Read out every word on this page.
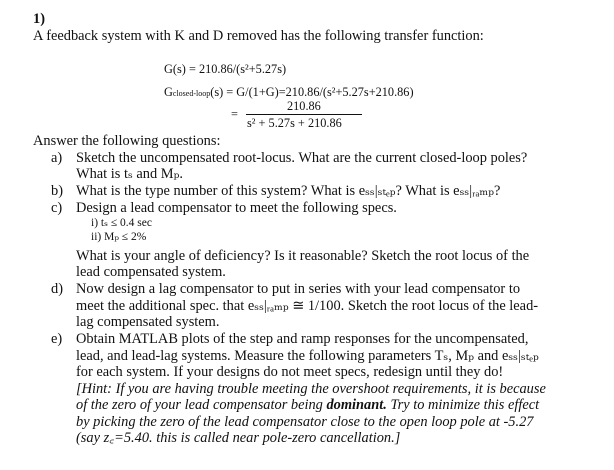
1)
A feedback system with K and D removed has the following transfer function:
G(s) = 210.86/(s²+5.27s)
Gclosed-loop(s) = G/(1+G)=210.86/(s²+5.27s+210.86)
210.86
=
s² + 5.27s + 210.86
Answer the following questions:
a) Sketch the uncompensated root-locus. What are the current closed-loop poles?
What is tₛ and Mₚ.
b) What is the type number of this system? What is eₛₛ|ₛₜₑₚ? What is eₛₛ|ᵣₐₘₚ?
c) Design a lead compensator to meet the following specs.
i) tₛ ≤ 0.4 sec
ii) Mₚ ≤ 2%
What is your angle of deficiency? Is it reasonable? Sketch the root locus of the
lead compensated system.
d) Now design a lag compensator to put in series with your lead compensator to
meet the additional spec. that eₛₛ|ᵣₐₘₚ ≅ 1/100. Sketch the root locus of the lead-
lag compensated system.
e) Obtain MATLAB plots of the step and ramp responses for the uncompensated,
lead, and lead-lag systems. Measure the following parameters Tₛ, Mₚ and eₛₛ|ₛₜₑₚ
for each system. If your designs do not meet specs, redesign until they do!
[Hint: If you are having trouble meeting the overshoot requirements, it is because
of the zero of your lead compensator being dominant. Try to minimize this effect
by picking the zero of the lead compensator close to the open loop pole at -5.27
(say z꜀=5.40. this is called near pole-zero cancellation.]
